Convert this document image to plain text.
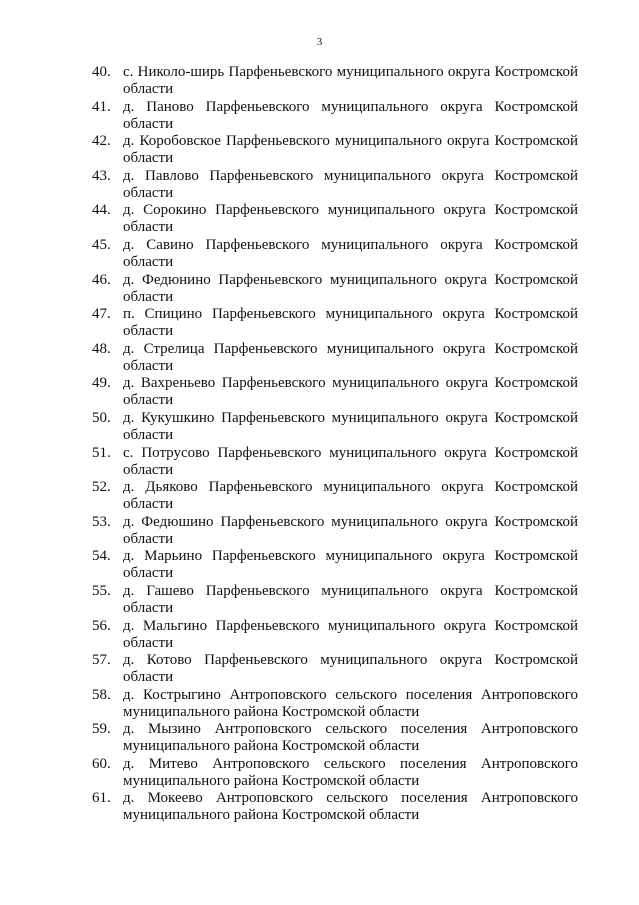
3
40. с. Николо-ширь Парфеньевского муниципального округа Костромской области
41. д. Паново Парфеньевского муниципального округа Костромской области
42. д. Коробовское Парфеньевского муниципального округа Костромской области
43. д. Павлово Парфеньевского муниципального округа Костромской области
44. д. Сорокино Парфеньевского муниципального округа Костромской области
45. д. Савино Парфеньевского муниципального округа Костромской области
46. д. Федюнино Парфеньевского муниципального округа Костромской области
47. п. Спицино Парфеньевского муниципального округа Костромской области
48. д. Стрелица Парфеньевского муниципального округа Костромской области
49. д. Вахреньево Парфеньевского муниципального округа Костромской области
50. д. Кукушкино Парфеньевского муниципального округа Костромской области
51. с. Потрусово Парфеньевского муниципального округа Костромской области
52. д. Дьяково Парфеньевского муниципального округа Костромской области
53. д. Федюшино Парфеньевского муниципального округа Костромской области
54. д. Марьино Парфеньевского муниципального округа Костромской области
55. д. Гашево Парфеньевского муниципального округа Костромской области
56. д. Мальгино Парфеньевского муниципального округа Костромской области
57. д. Котово Парфеньевского муниципального округа Костромской области
58. д. Кострыгино Антроповского сельского поселения Антроповского муниципального района Костромской области
59. д. Мызино Антроповского сельского поселения Антроповского муниципального района Костромской области
60. д. Митево Антроповского сельского поселения Антроповского муниципального района Костромской области
61. д. Мокеево Антроповского сельского поселения Антроповского муниципального района Костромской области
